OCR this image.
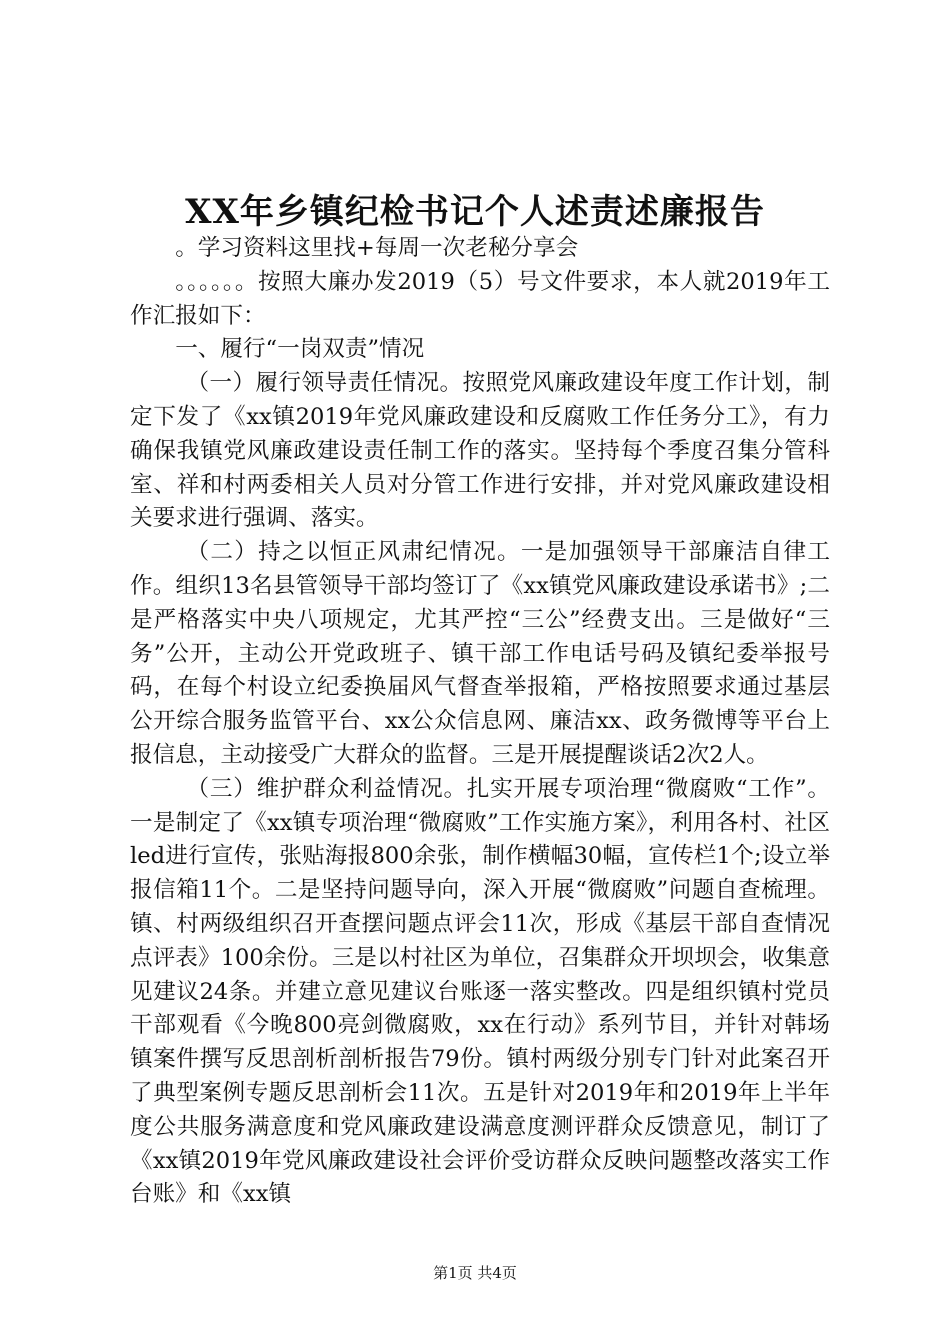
XX年乡镇纪检书记个人述责述廉报告

。学习资料这里找+每周一次老秘分享会

。。。。。。按照大廉办发2019（5）号文件要求，本人就2019年工作汇报如下：

一、履行“一岗双责”情况

（一）履行领导责任情况。按照党风廉政建设年度工作计划，制定下发了《xx镇2019年党风廉政建设和反腐败工作任务分工》，有力确保我镇党风廉政建设责任制工作的落实。坚持每个季度召集分管科室、祥和村两委相关人员对分管工作进行安排，并对党风廉政建设相关要求进行强调、落实。

（二）持之以恒正风肃纪情况。一是加强领导干部廉洁自律工作。组织13名县管领导干部均签订了《xx镇党风廉政建设承诺书》;二是严格落实中央八项规定，尤其严控“三公”经费支出。三是做好“三务”公开，主动公开党政班子、镇干部工作电话号码及镇纪委举报号码，在每个村设立纪委换届风气督查举报箱，严格按照要求通过基层公开综合服务监管平台、xx公众信息网、廉洁xx、政务微博等平台上报信息，主动接受广大群众的监督。三是开展提醒谈话2次2人。

（三）维护群众利益情况。扎实开展专项治理“微腐败“工作”。一是制定了《xx镇专项治理“微腐败”工作实施方案》，利用各村、社区led进行宣传，张贴海报800余张，制作横幅30幅，宣传栏1个;设立举报信箱11个。二是坚持问题导向，深入开展“微腐败”问题自查梳理。镇、村两级组织召开查摆问题点评会11次，形成《基层干部自查情况点评表》100余份。三是以村社区为单位，召集群众开坝坝会，收集意见建议24条。并建立意见建议台账逐一落实整改。四是组织镇村党员干部观看《今晚800亮剑微腐败，xx在行动》系列节目，并针对韩场镇案件撰写反思剖析剖析报告79份。镇村两级分别专门针对此案召开了典型案例专题反思剖析会11次。五是针对2019年和2019年上半年度公共服务满意度和党风廉政建设满意度测评群众反馈意见，制订了《xx镇2019年党风廉政建设社会评价受访群众反映问题整改落实工作台账》和《xx镇

第1页 共4页
